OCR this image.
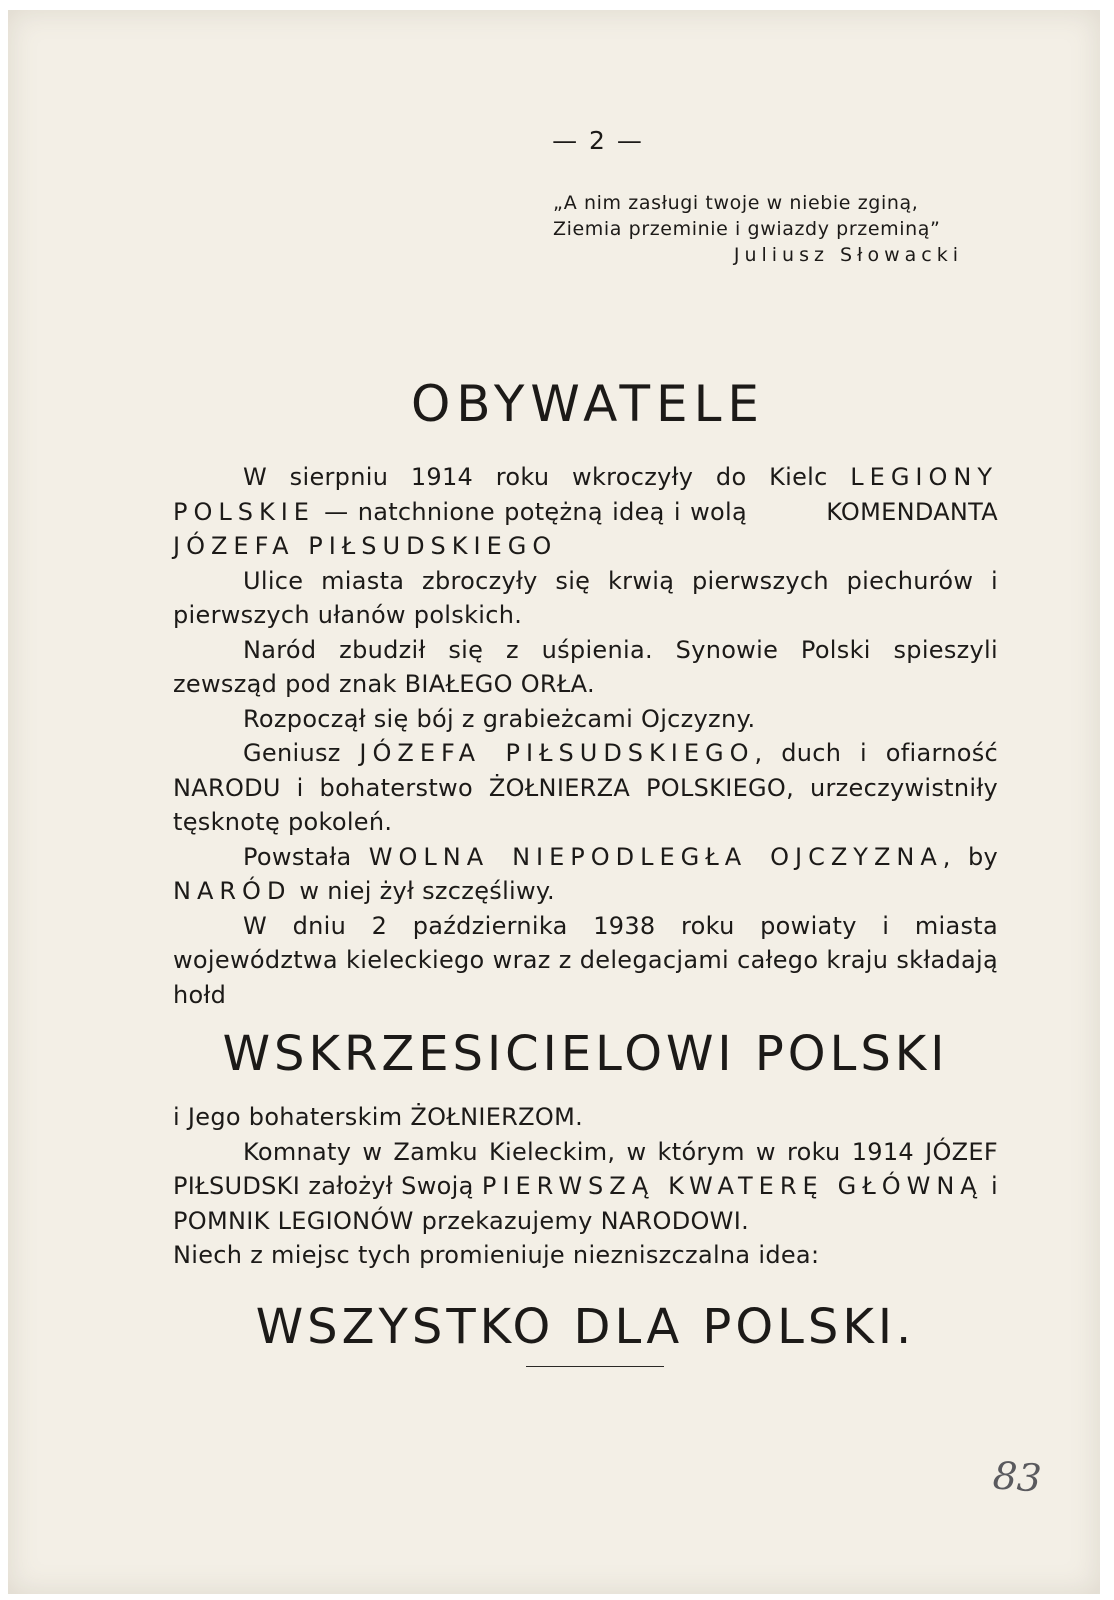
— 2 —
„A nim zasługi twoje w niebie zginą,
Ziemia przeminie i gwiazdy przeminą”
Juliusz Słowacki
OBYWATELE

W sierpniu 1914 roku wkroczyły do Kielc LEGIONY POLSKIE — natchnione potężną ideą i wolą	KOMENDANTA JÓZEFA PIŁSUDSKIEGO

Ulice miasta zbroczyły się krwią pierwszych piechurów i pierwszych ułanów polskich.

Naród zbudził się z uśpienia. Synowie Polski spieszyli zewsząd pod znak BIAŁEGO ORŁA.

Rozpoczął się bój z grabieżcami Ojczyzny.

Geniusz JÓZEFA PIŁSUDSKIEGO, duch i ofiarność NARODU i bohaterstwo ŻOŁNIERZA POLSKIEGO, urzeczywistniły tęsknotę pokoleń.

Powstała WOLNA NIEPODLEGŁA OJCZYZNA, by NARÓD w niej żył szczęśliwy.

W dniu 2 października 1938 roku powiaty i miasta województwa kieleckiego wraz z delegacjami całego kraju składają hołd

WSKRZESICIELOWI POLSKI

i Jego bohaterskim ŻOŁNIERZOM.

Komnaty w Zamku Kieleckim, w którym w roku 1914 JÓZEF PIŁSUDSKI założył Swoją PIERWSZĄ KWATERĘ GŁÓWNĄ i POMNIK LEGIONÓW przekazujemy NARODOWI.

Niech z miejsc tych promieniuje niezniszczalna idea:

WSZYSTKO DLA POLSKI.
83
